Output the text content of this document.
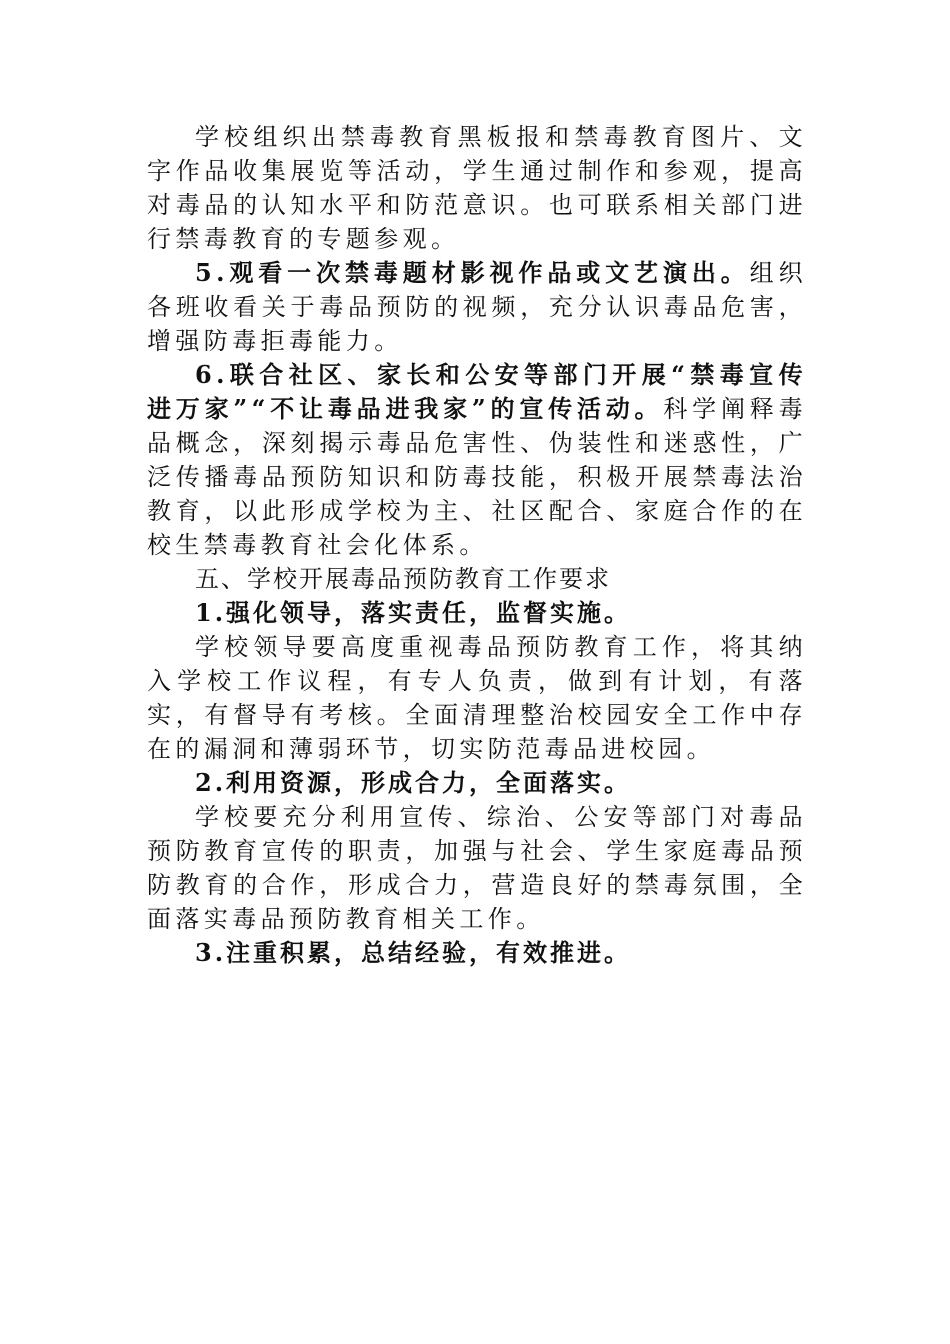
学校组织出禁毒教育黑板报和禁毒教育图片、文字作品收集展览等活动，学生通过制作和参观，提高对毒品的认知水平和防范意识。也可联系相关部门进行禁毒教育的专题参观。

5.观看一次禁毒题材影视作品或文艺演出。组织各班收看关于毒品预防的视频，充分认识毒品危害，增强防毒拒毒能力。

6.联合社区、家长和公安等部门开展“禁毒宣传进万家”“不让毒品进我家”的宣传活动。科学阐释毒品概念，深刻揭示毒品危害性、伪装性和迷惑性，广泛传播毒品预防知识和防毒技能，积极开展禁毒法治教育，以此形成学校为主、社区配合、家庭合作的在校生禁毒教育社会化体系。

五、学校开展毒品预防教育工作要求

1.强化领导，落实责任，监督实施。

学校领导要高度重视毒品预防教育工作，将其纳入学校工作议程，有专人负责，做到有计划，有落实，有督导有考核。全面清理整治校园安全工作中存在的漏洞和薄弱环节，切实防范毒品进校园。

2.利用资源，形成合力，全面落实。

学校要充分利用宣传、综治、公安等部门对毒品预防教育宣传的职责，加强与社会、学生家庭毒品预防教育的合作，形成合力，营造良好的禁毒氛围，全面落实毒品预防教育相关工作。

3.注重积累，总结经验，有效推进。
